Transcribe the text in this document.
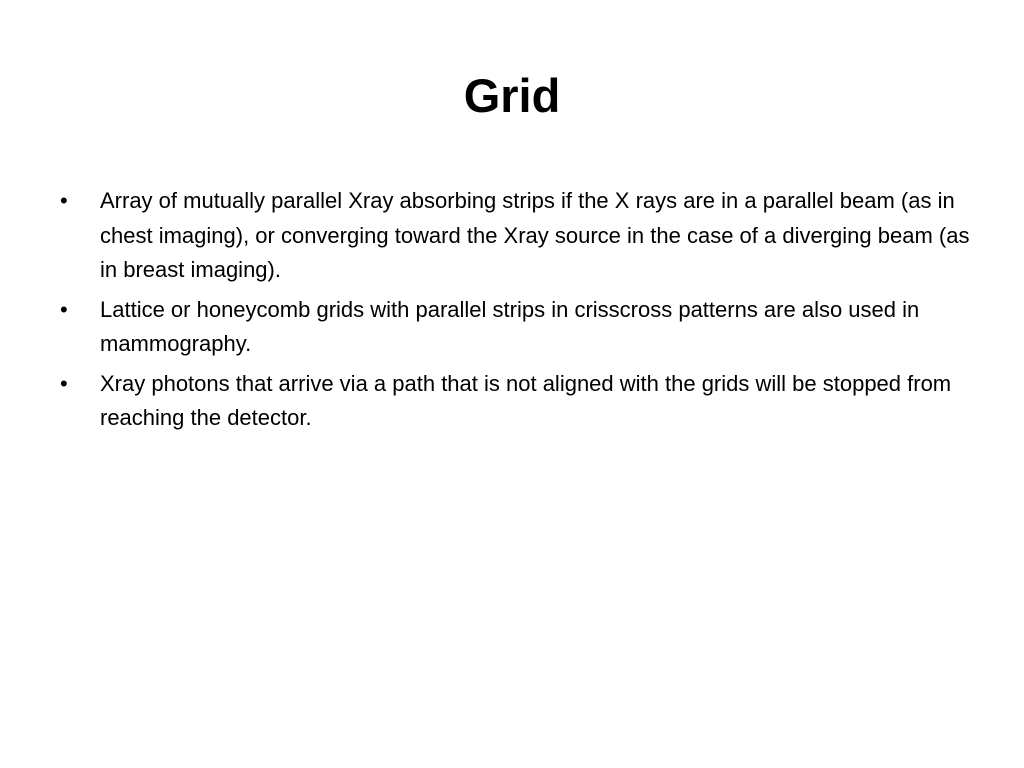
Grid
•	Array of mutually parallel Xray absorbing strips if the X rays are in a parallel beam (as in chest imaging), or converging toward the Xray source in the case of a diverging beam (as in breast imaging).
•	Lattice or honeycomb grids with parallel strips in crisscross patterns are also used in mammography.
•	Xray photons that arrive via a path that is not aligned with the grids will be stopped from reaching the detector.
